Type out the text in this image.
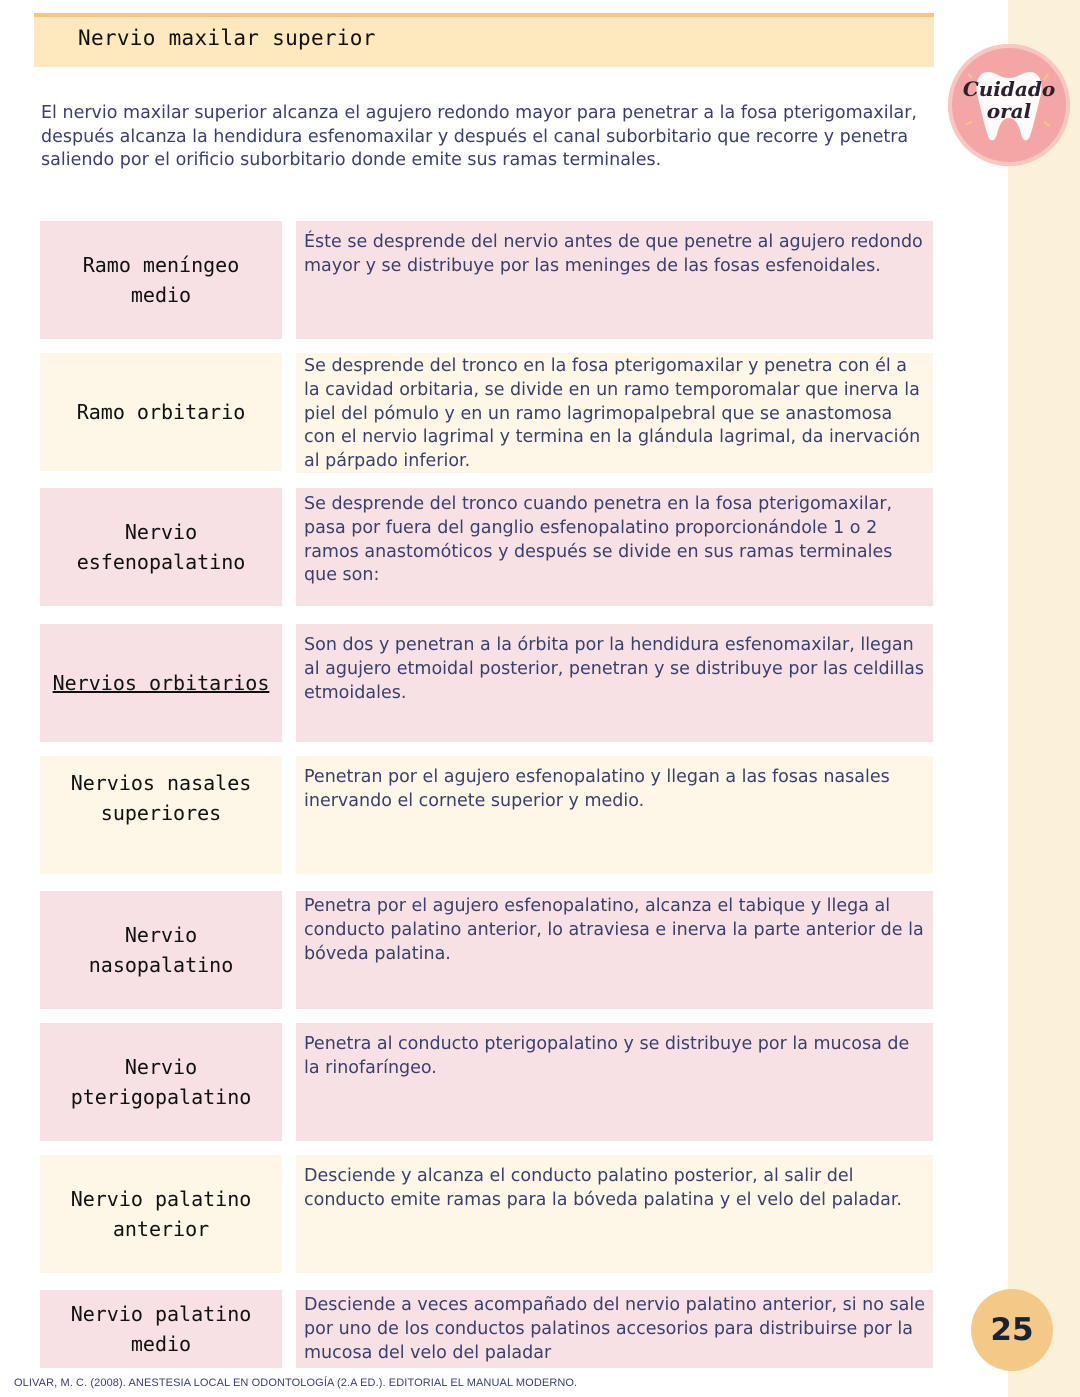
Nervio maxilar superior
Cuidado
oral
El nervio maxilar superior alcanza el agujero redondo mayor para penetrar a la fosa pterigomaxilar, después alcanza la hendidura esfenomaxilar y después el canal suborbitario que recorre y penetra saliendo por el orificio suborbitario donde emite sus ramas terminales.
Ramo meníngeo medio
Éste se desprende del nervio antes de que penetre al agujero redondo mayor y se distribuye por las meninges de las fosas esfenoidales.
Ramo orbitario
Se desprende del tronco en la fosa pterigomaxilar y penetra con él a la cavidad orbitaria, se divide en un ramo temporomalar que inerva la piel del pómulo y en un ramo lagrimopalpebral que se anastomosa con el nervio lagrimal y termina en la glándula lagrimal, da inervación al párpado inferior.
Nervio esfenopalatino
Se desprende del tronco cuando penetra en la fosa pterigomaxilar, pasa por fuera del ganglio esfenopalatino proporcionándole 1 o 2 ramos anastomóticos y después se divide en sus ramas terminales que son:
Nervios orbitarios
Son dos y penetran a la órbita por la hendidura esfenomaxilar, llegan al agujero etmoidal posterior, penetran y se distribuye por las celdillas etmoidales.
Nervios nasales superiores
Penetran por el agujero esfenopalatino y llegan a las fosas nasales inervando el cornete superior y medio.
Nervio nasopalatino
Penetra por el agujero esfenopalatino, alcanza el tabique y llega al conducto palatino anterior, lo atraviesa e inerva la parte anterior de la bóveda palatina.
Nervio pterigopalatino
Penetra al conducto pterigopalatino y se distribuye por la mucosa de la rinofaríngeo.
Nervio palatino anterior
Desciende y alcanza el conducto palatino posterior, al salir del conducto emite ramas para la bóveda palatina y el velo del paladar.
Nervio palatino medio
Desciende a veces acompañado del nervio palatino anterior, si no sale por uno de los conductos palatinos accesorios para distribuirse por la mucosa del velo del paladar
25
OLIVAR, M. C. (2008). ANESTESIA LOCAL EN ODONTOLOGÍA (2.A ED.). EDITORIAL EL MANUAL MODERNO.
